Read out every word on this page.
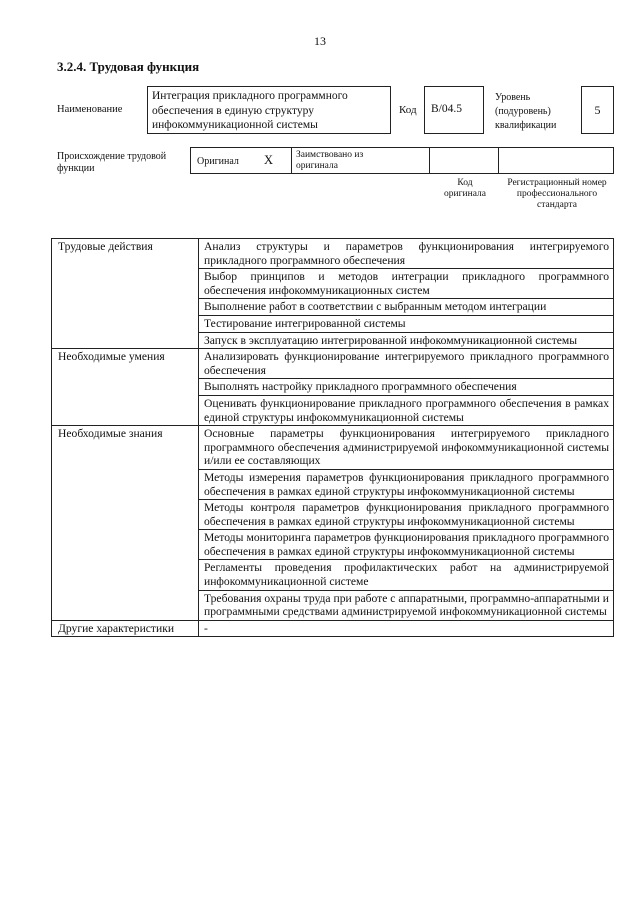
13
3.2.4. Трудовая функция
Наименование
Интеграция прикладного программного обеспечения в единую структуру инфокоммуникационной системы
Код B/04.5
Уровень (подуровень) квалификации
5
Происхождение трудовой функции
Оригинал X Заимствовано из оригинала
Код оригинала
Регистрационный номер профессионального стандарта
Трудовые действия	Анализ структуры и параметров функционирования интегрируемого прикладного программного обеспечения
	Выбор принципов и методов интеграции прикладного программного обеспечения инфокоммуникационных систем
	Выполнение работ в соответствии с выбранным методом интеграции
	Тестирование интегрированной системы
	Запуск в эксплуатацию интегрированной инфокоммуникационной системы
Необходимые умения	Анализировать функционирование интегрируемого прикладного программного обеспечения
	Выполнять настройку прикладного программного обеспечения
	Оценивать функционирование прикладного программного обеспечения в рамках единой структуры инфокоммуникационной системы
Необходимые знания	Основные параметры функционирования интегрируемого прикладного программного обеспечения администрируемой инфокоммуникационной системы и/или ее составляющих
	Методы измерения параметров функционирования прикладного программного обеспечения в рамках единой структуры инфокоммуникационной системы
	Методы контроля параметров функционирования прикладного программного обеспечения в рамках единой структуры инфокоммуникационной системы
	Методы мониторинга параметров функционирования прикладного программного обеспечения в рамках единой структуры инфокоммуникационной системы
	Регламенты проведения профилактических работ на администрируемой инфокоммуникационной системе
	Требования охраны труда при работе с аппаратными, программно-аппаратными и программными средствами администрируемой инфокоммуникационной системы
Другие характеристики	-
